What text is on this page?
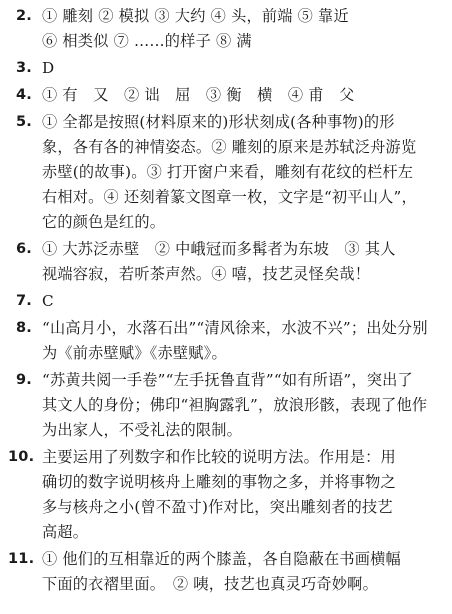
2. ① 雕刻 ② 模拟 ③ 大约 ④ 头，前端 ⑤ 靠近
⑥ 相类似 ⑦ ……的样子 ⑧ 满
3. D
4. ① 有　又　② 诎　屈　③ 衡　横　④ 甫　父
5. ① 全都是按照(材料原来的)形状刻成(各种事物)的形
象，各有各的神情姿态。② 雕刻的原来是苏轼泛舟游览
赤壁(的故事)。③ 打开窗户来看，雕刻有花纹的栏杆左
右相对。④ 还刻着篆文图章一枚，文字是“初平山人”，
它的颜色是红的。
6. ① 大苏泛赤壁　② 中峨冠而多髯者为东坡　③ 其人
视端容寂，若听茶声然。④ 嘻，技艺灵怪矣哉！
7. C
8. “山高月小，水落石出”“清风徐来，水波不兴”；出处分别
为《前赤壁赋》《赤壁赋》。
9. “苏黄共阅一手卷”“左手抚鲁直背”“如有所语”，突出了
其文人的身份；佛印“袒胸露乳”，放浪形骸，表现了他作
为出家人，不受礼法的限制。
10. 主要运用了列数字和作比较的说明方法。作用是：用
确切的数字说明核舟上雕刻的事物之多，并将事物之
多与核舟之小(曾不盈寸)作对比，突出雕刻者的技艺
高超。
11. ① 他们的互相靠近的两个膝盖，各自隐蔽在书画横幅
下面的衣褶里面。　② 咦，技艺也真灵巧奇妙啊。
